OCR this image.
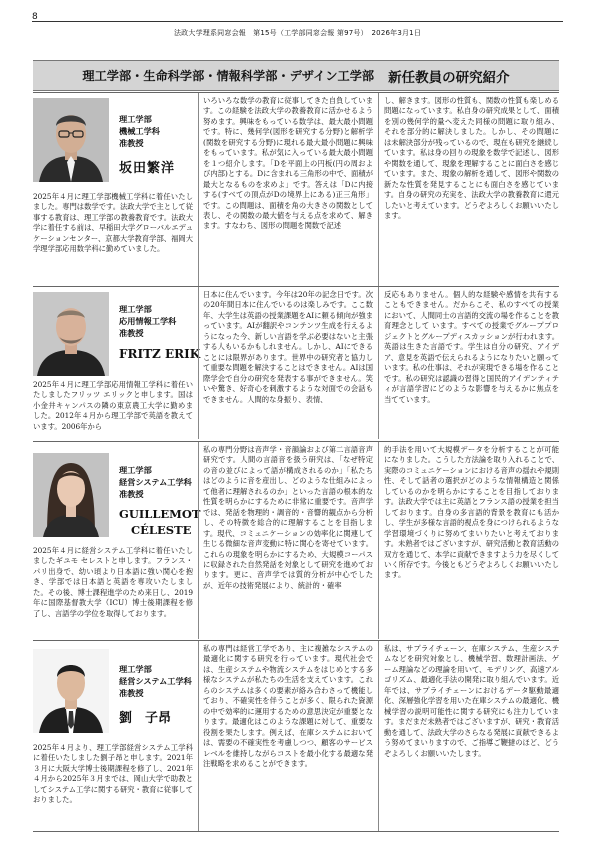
8
法政大学理系同窓会報　第15号（工学部同窓会報 第97号）　2026年3月1日
理工学部・生命科学部・情報科学部・デザイン工学部 新任教員の研究紹介
理工学部
機械工学科
准教授
坂田繁洋

2025年４月に理工学部機械工学科に着任いたしました。専門は数学です。法政大学で主として従事する教育は、理工学部の教養教育です。法政大学に着任する前は、早稲田大学グローバルエデュケーションセンター、京都大学教育学部、福岡大学理学部応用数学科に勤めていました。

いろいろな数学の教育に従事してきた自負しています。この経験を法政大学の教養教育に活かせるよう努めます。興味をもっている数学は、最大最小問題です。特に、幾何学(図形を研究する分野)と解析学(関数を研究する分野)に現れる最大最小問題に興味をもっています。私が気に入っている最大最小問題を１つ紹介します。「Dを平面上の円板(円の周および内部)とする。Dに含まれる三角形の中で、面積が最大となるものを求めよ」です。答えは「Dに内接する(すべての頂点がDの境界上にある)正三角形」です。この問題は、面積を角の大きさの関数として表し、その関数の最大値を与える点を求めて、解きます。すなわち、図形の問題を関数で記述

し、解きます。図形の性質も、関数の性質も楽しめる問題になっています。私自身の研究成果として、面積を別の幾何学的量へ変えた同様の問題に取り組み、それを部分的に解決しました。しかし、その問題には未解決部分が残っているので、現在も研究を継続しています。私は身の回りの現象を数学で記述し、図形や関数を通して、現象を理解することに面白さを感じています。また、現象の解析を通して、図形や関数の新たな性質を発見することにも面白さを感じています。自身の研究の充実を、法政大学の教養教育に還元したいと考えています。どうぞよろしくお願いいたします。

理工学部
応用情報工学科
准教授
FRITZ ERIK

2025年４月に理工学部応用情報工学科に着任いたしましたフリッツ エリックと申します。国は小金井キャンパスの隣の東京農工大学に勤めました。2012年４月から理工学部で英語を教えています。2006年から

日本に住んでいます。今年は20年の記念日です。次の20年間日本に住んでいるのは楽しみです。ここ数年、大学生は英語の授業課題をAIに頼る傾向が強まっています。AIが翻訳やコンテンツ生成を行えるようになった今、新しい言語を学ぶ必要はないと主張する人もいるかもしれません。しかし、AIにできることには限界があります。世界中の研究者と協力して重要な問題を解決することはできません。AIは国際学会で自分の研究を発表する事ができません。笑いや驚き、好奇心を刺激するような対面での会話もできません。人間的な身振り、表情、

反応もありません。個人的な経験や感情を共有することもできません。だからこそ、私のすべての授業において、人間同士の言語的交流の場を作ることを教育理念として います。すべての授業でグループプロジェクトとグループディスカッションが行われます。英語は生きた言語です。学生は自分の研究、アイデア、意見を英語で伝えられるようになりたいと願っています。私の仕事は、それが実現できる場を作ることです。私の研究は認識の習得と国民的アイデンティティが言語学習にどのような影響を与えるかに焦点を当てています。

理工学部
経営システム工学科
准教授
GUILLEMOT
CÉLESTE

2025年４月に経営システム工学科に着任いたしましたギユモ セレストと申します。フランス・パリ出身で、幼い頃より日本語に強い関心を抱き、学部では日本語と英語を専攻いたしました。その後、博士課程進学のため来日し、2019年に国際基督教大学（ICU）博士後期課程を修了し、言語学の学位を取得しております。

私の専門分野は音声学・音韻論および第二言語音声研究です。人間の言語音を扱う研究は、「なぜ特定の音の並びによって語が構成されるのか」「私たちはどのように音を産出し、どのような仕組みによって他者に理解されるのか」といった言語の根本的な性質を明らかにするために非常に重要です。音声学では、発話を物理的・調音的・音響的観点から分析し、その特徴を総合的に理解することを目指します。現代、コミュニケーションの効率化に関連して生じる微細な音声変動に特に関心を寄せています。これらの現象を明らかにするため、大規模コーパスに収録された自然発話を対象として研究を進めております。更に、音声学では質的分析が中心でしたが、近年の技術発展により、統計的・確率

的手法を用いて大規模データを分析することが可能になりました。こうした方法論を取り入れることで、実際のコミュニケーションにおける音声の揺れや規則性、そして話者の選択がどのような情報構造と関係しているのかを明らかにすることを目指しております。法政大学では主に英語とフランス語の授業を担当しております。自身の多言語的背景を教育にも活かし、学生が多様な言語的視点を身につけられるような学習環境づくりに努めてまいりたいと考えております。未熟者ではございますが、研究活動と教育活動の双方を通じて、本学に貢献できますよう力を尽くしていく所存です。今後ともどうぞよろしくお願いいたします。

理工学部
経営システム工学科
准教授
劉　子昂

2025年４月より、理工学部経営システム工学科に着任いたしました劉子昂と申します。2021年３月に大阪大学博士後期課程を修了し、2021年４月から2025年３月までは、岡山大学で助教としてシステム工学に関する研究・教育に従事しておりました。

私の専門は経営工学であり、主に複雑なシステムの最適化に関する研究を行っています。現代社会では、生産システムや物流システムをはじめとする多様なシステムが私たちの生活を支えています。これらのシステムは多くの要素が絡み合わさって機能しており、不確実性を伴うことが多く、限られた資源の中で効率的に運用するための意思決定が重要となります。最適化はこのような課題に対して、重要な役割を果たします。例えば、在庫システムにおいては、需要の不確実性を考慮しつつ、顧客のサービスレベルを維持しながらコストを最小化する最適な発注戦略を求めることができます。

私は、サプライチェーン、在庫システム、生産システムなどを研究対象とし、機械学習、数理計画法、ゲーム理論などの理論を用いて、モデリング、高速アルゴリズム、最適化手法の開発に取り組んでいます。近年では、サプライチェーンにおけるデータ駆動最適化、深層強化学習を用いた在庫システムの最適化、機械学習の説明可能性に関する研究にも注力しています。まだまだ未熟者ではございますが、研究・教育活動を通して、法政大学のさらなる発展に貢献できるよう努めてまいりますので、ご指導ご鞭撻のほど、どうぞよろしくお願いいたします。
